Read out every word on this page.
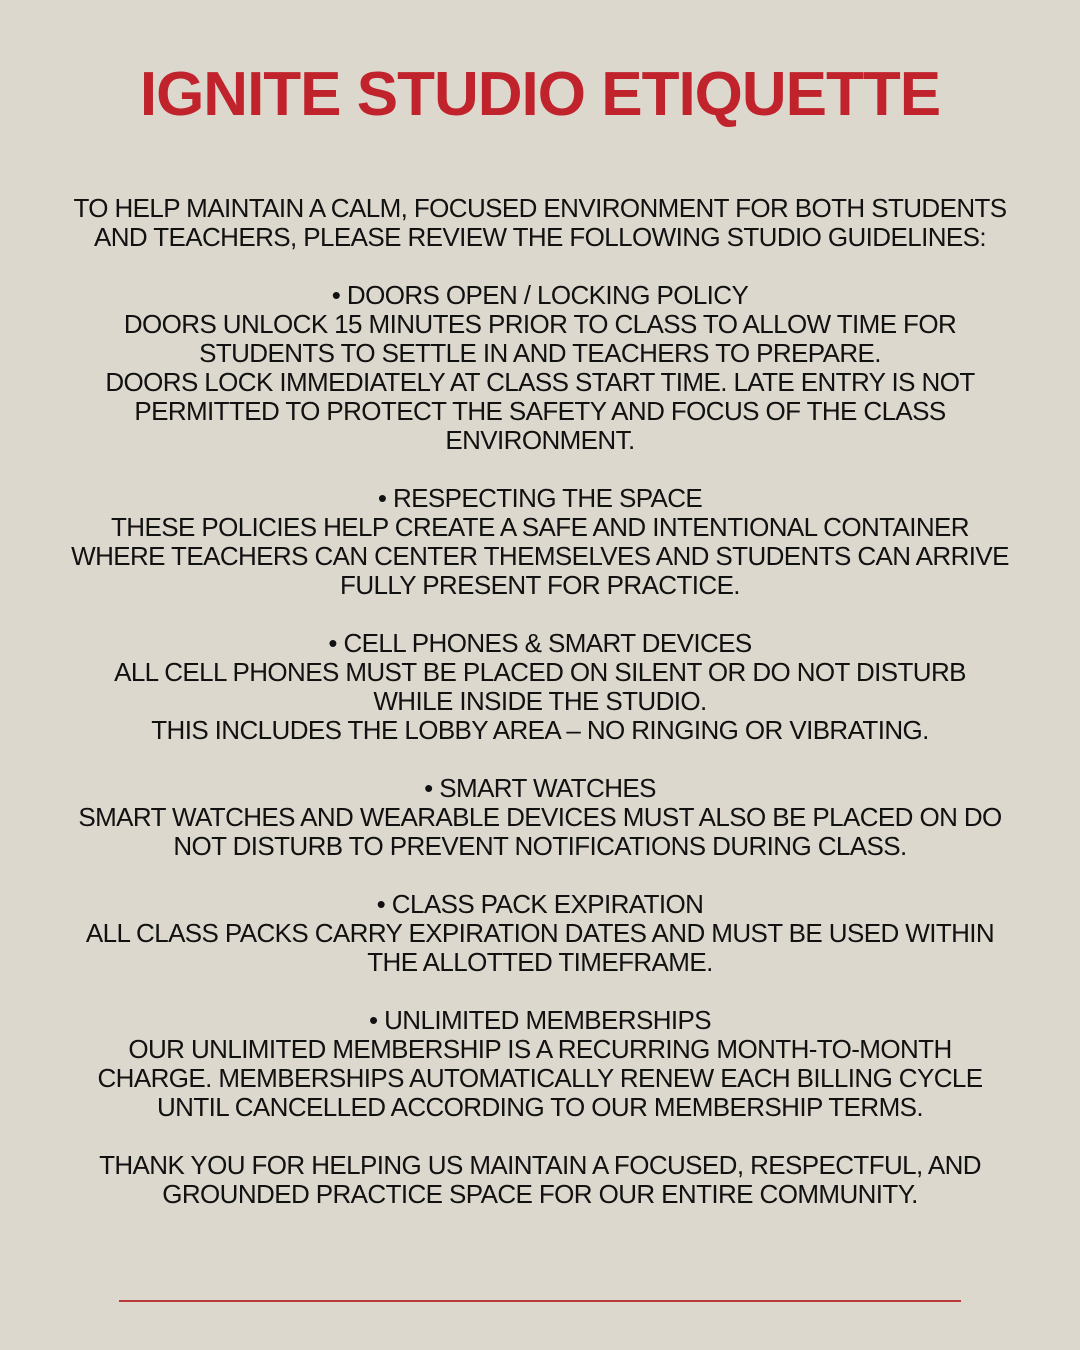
IGNITE STUDIO ETIQUETTE
TO HELP MAINTAIN A CALM, FOCUSED ENVIRONMENT FOR BOTH STUDENTS
AND TEACHERS, PLEASE REVIEW THE FOLLOWING STUDIO GUIDELINES:
• DOORS OPEN / LOCKING POLICY
DOORS UNLOCK 15 MINUTES PRIOR TO CLASS TO ALLOW TIME FOR
STUDENTS TO SETTLE IN AND TEACHERS TO PREPARE.
DOORS LOCK IMMEDIATELY AT CLASS START TIME. LATE ENTRY IS NOT
PERMITTED TO PROTECT THE SAFETY AND FOCUS OF THE CLASS
ENVIRONMENT.
• RESPECTING THE SPACE
THESE POLICIES HELP CREATE A SAFE AND INTENTIONAL CONTAINER
WHERE TEACHERS CAN CENTER THEMSELVES AND STUDENTS CAN ARRIVE
FULLY PRESENT FOR PRACTICE.
• CELL PHONES & SMART DEVICES
ALL CELL PHONES MUST BE PLACED ON SILENT OR DO NOT DISTURB
WHILE INSIDE THE STUDIO.
THIS INCLUDES THE LOBBY AREA – NO RINGING OR VIBRATING.
• SMART WATCHES
SMART WATCHES AND WEARABLE DEVICES MUST ALSO BE PLACED ON DO
NOT DISTURB TO PREVENT NOTIFICATIONS DURING CLASS.
• CLASS PACK EXPIRATION
ALL CLASS PACKS CARRY EXPIRATION DATES AND MUST BE USED WITHIN
THE ALLOTTED TIMEFRAME.
• UNLIMITED MEMBERSHIPS
OUR UNLIMITED MEMBERSHIP IS A RECURRING MONTH-TO-MONTH
CHARGE. MEMBERSHIPS AUTOMATICALLY RENEW EACH BILLING CYCLE
UNTIL CANCELLED ACCORDING TO OUR MEMBERSHIP TERMS.
THANK YOU FOR HELPING US MAINTAIN A FOCUSED, RESPECTFUL, AND
GROUNDED PRACTICE SPACE FOR OUR ENTIRE COMMUNITY.
